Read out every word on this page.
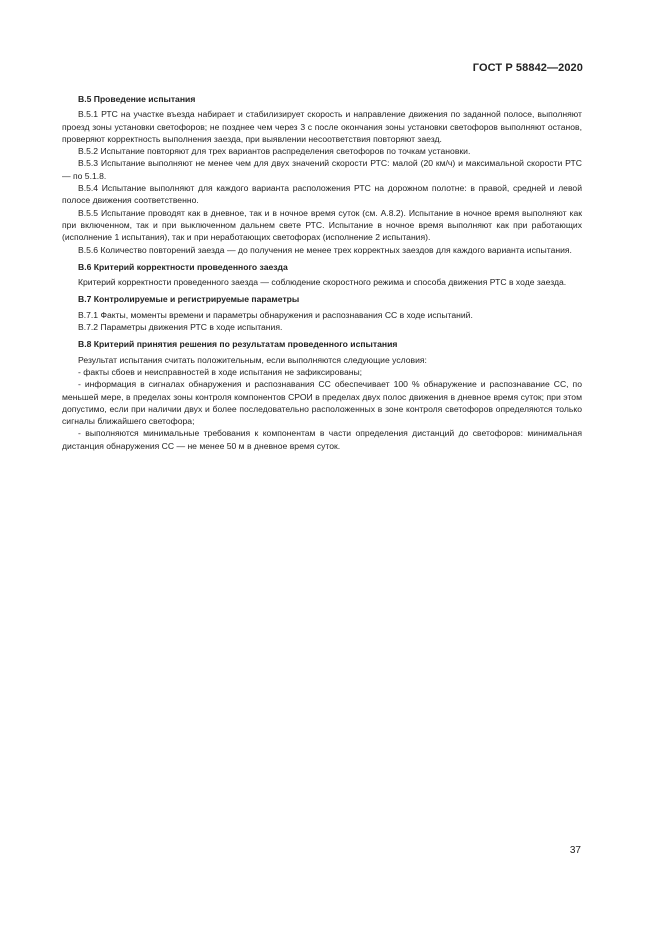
ГОСТ Р 58842—2020

В.5 Проведение испытания

В.5.1 РТС на участке въезда набирает и стабилизирует скорость и направление движения по заданной полосе, выполняют проезд зоны установки светофоров; не позднее чем через 3 с после окончания зоны установки светофоров выполняют останов, проверяют корректность выполнения заезда, при выявлении несоответствия повторяют заезд.

В.5.2 Испытание повторяют для трех вариантов распределения светофоров по точкам установки.

В.5.3 Испытание выполняют не менее чем для двух значений скорости РТС: малой (20 км/ч) и максимальной скорости РТС — по 5.1.8.

В.5.4 Испытание выполняют для каждого варианта расположения РТС на дорожном полотне: в правой, средней и левой полосе движения соответственно.

В.5.5 Испытание проводят как в дневное, так и в ночное время суток (см. А.8.2). Испытание в ночное время выполняют как при включенном, так и при выключенном дальнем свете РТС. Испытание в ночное время выполняют как при работающих (исполнение 1 испытания), так и при неработающих светофорах (исполнение 2 испытания).

В.5.6 Количество повторений заезда — до получения не менее трех корректных заездов для каждого варианта испытания.

В.6 Критерий корректности проведенного заезда

Критерий корректности проведенного заезда — соблюдение скоростного режима и способа движения РТС в ходе заезда.

В.7 Контролируемые и регистрируемые параметры

В.7.1 Факты, моменты времени и параметры обнаружения и распознавания СС в ходе испытаний.

В.7.2 Параметры движения РТС в ходе испытания.

В.8 Критерий принятия решения по результатам проведенного испытания

Результат испытания считать положительным, если выполняются следующие условия:

- факты сбоев и неисправностей в ходе испытания не зафиксированы;

- информация в сигналах обнаружения и распознавания СС обеспечивает 100 % обнаружение и распознавание СС, по меньшей мере, в пределах зоны контроля компонентов СРОИ в пределах двух полос движения в дневное время суток; при этом допустимо, если при наличии двух и более последовательно расположенных в зоне контроля светофоров определяются только сигналы ближайшего светофора;

- выполняются минимальные требования к компонентам в части определения дистанций до светофоров: минимальная дистанция обнаружения СС — не менее 50 м в дневное время суток.

37
